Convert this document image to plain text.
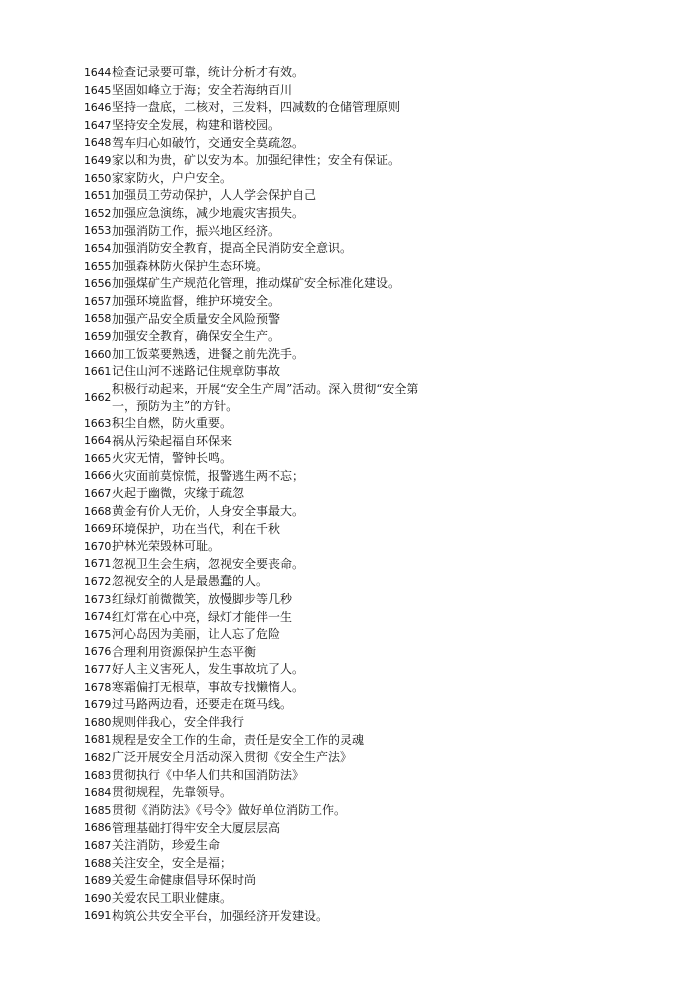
1644 检查记录要可靠，统计分析才有效。
1645 坚固如峰立于海；安全若海纳百川
1646 坚持一盘底，二核对，三发料，四减数的仓储管理原则
1647 坚持安全发展，构建和谐校园。
1648 驾车归心如破竹，交通安全莫疏忽。
1649 家以和为贵，矿以安为本。加强纪律性；安全有保证。
1650 家家防火，户户安全。
1651 加强员工劳动保护，人人学会保护自己
1652 加强应急演练，减少地震灾害损失。
1653 加强消防工作，振兴地区经济。
1654 加强消防安全教育，提高全民消防安全意识。
1655 加强森林防火保护生态环境。
1656 加强煤矿生产规范化管理，推动煤矿安全标准化建设。
1657 加强环境监督，维护环境安全。
1658 加强产品安全质量安全风险预警
1659 加强安全教育，确保安全生产。
1660 加工饭菜要熟透，进餐之前先洗手。
1661 记住山河不迷路记住规章防事故
1662
积极行动起来，开展“安全生产周”活动。深入贯彻“安全第一，预防为主”的方针。
1663 积尘自燃，防火重要。
1664 祸从污染起福自环保来
1665 火灾无情，警钟长鸣。
1666 火灾面前莫惊慌，报警逃生两不忘；
1667 火起于幽微，灾缘于疏忽
1668 黄金有价人无价，人身安全事最大。
1669 环境保护，功在当代，利在千秋
1670 护林光荣毁林可耻。
1671 忽视卫生会生病，忽视安全要丧命。
1672 忽视安全的人是最愚蠢的人。
1673 红绿灯前微微笑，放慢脚步等几秒
1674 红灯常在心中亮，绿灯才能伴一生
1675 河心岛因为美丽，让人忘了危险
1676 合理利用资源保护生态平衡
1677 好人主义害死人，发生事故坑了人。
1678 寒霜偏打无根草，事故专找懒惰人。
1679 过马路两边看，还要走在斑马线。
1680 规则伴我心，安全伴我行
1681 规程是安全工作的生命，责任是安全工作的灵魂
1682 广泛开展安全月活动深入贯彻《安全生产法》
1683 贯彻执行《中华人们共和国消防法》
1684 贯彻规程，先靠领导。
1685 贯彻《消防法》《号令》做好单位消防工作。
1686 管理基础打得牢安全大厦层层高
1687 关注消防，珍爱生命
1688 关注安全，安全是福；
1689 关爱生命健康倡导环保时尚
1690 关爱农民工职业健康。
1691 构筑公共安全平台，加强经济开发建设。
